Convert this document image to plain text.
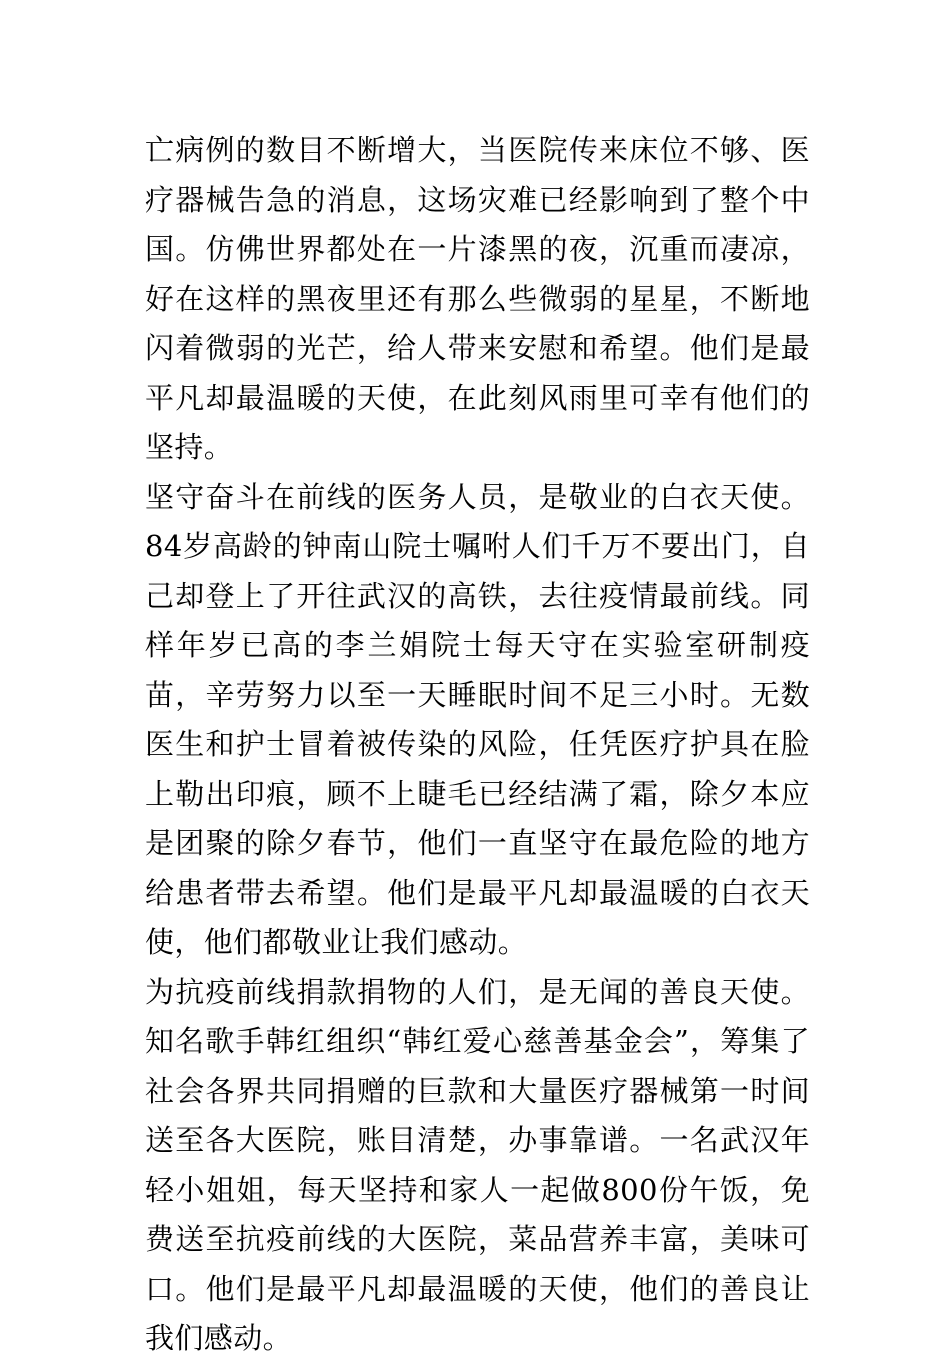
亡病例的数目不断增大，当医院传来床位不够、医疗器械告急的消息，这场灾难已经影响到了整个中国。仿佛世界都处在一片漆黑的夜，沉重而凄凉，好在这样的黑夜里还有那么些微弱的星星，不断地闪着微弱的光芒，给人带来安慰和希望。他们是最平凡却最温暖的天使，在此刻风雨里可幸有他们的坚持。

坚守奋斗在前线的医务人员，是敬业的白衣天使。84岁高龄的钟南山院士嘱咐人们千万不要出门，自己却登上了开往武汉的高铁，去往疫情最前线。同样年岁已高的李兰娟院士每天守在实验室研制疫苗，辛劳努力以至一天睡眠时间不足三小时。无数医生和护士冒着被传染的风险，任凭医疗护具在脸上勒出印痕，顾不上睫毛已经结满了霜，除夕本应是团聚的除夕春节，他们一直坚守在最危险的地方给患者带去希望。他们是最平凡却最温暖的白衣天使，他们都敬业让我们感动。

为抗疫前线捐款捐物的人们，是无闻的善良天使。知名歌手韩红组织“韩红爱心慈善基金会”，筹集了社会各界共同捐赠的巨款和大量医疗器械第一时间送至各大医院，账目清楚，办事靠谱。一名武汉年轻小姐姐，每天坚持和家人一起做800份午饭，免费送至抗疫前线的大医院，菜品营养丰富，美味可口。他们是最平凡却最温暖的天使，他们的善良让我们感动。
